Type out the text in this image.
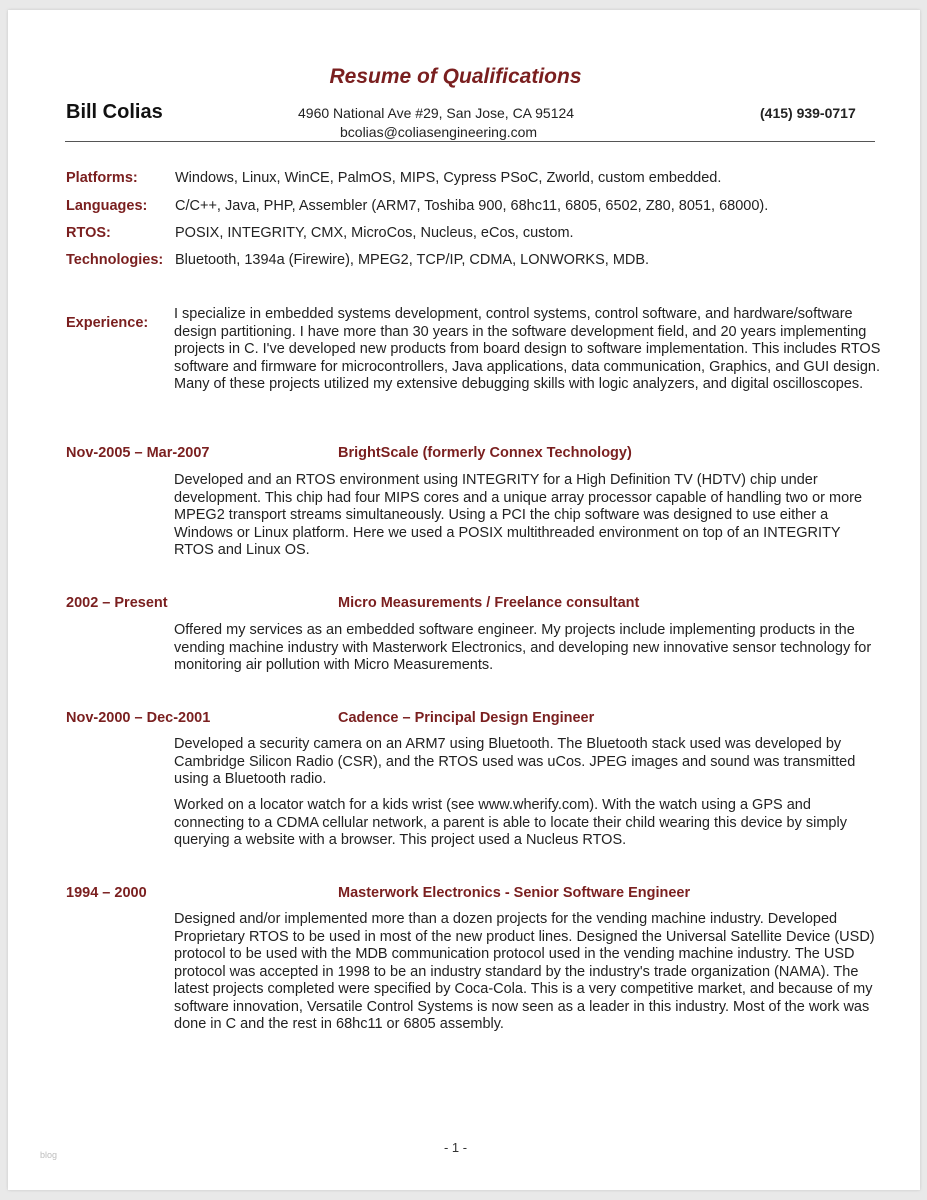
Resume of Qualifications
Bill Colias	4960 National Ave #29, San Jose, CA 95124
bcolias@coliasengineering.com
(415) 939-0717
Platforms:	Windows, Linux, WinCE, PalmOS, MIPS, Cypress PSoC, Zworld, custom embedded.
Languages: C/C++, Java, PHP, Assembler (ARM7, Toshiba 900, 68hc11, 6805, 6502, Z80, 8051, 68000).
RTOS:	POSIX, INTEGRITY, CMX, MicroCos, Nucleus, eCos, custom.
Technologies: Bluetooth, 1394a (Firewire), MPEG2, TCP/IP, CDMA, LONWORKS, MDB.
Experience:
I specialize in embedded systems development, control systems, control software, and hardware/software design partitioning. I have more than 30 years in the software development field, and 20 years implementing projects in C. I've developed new products from board design to software implementation. This includes RTOS software and firmware for microcontrollers, Java applications, data communication, Graphics, and GUI design. Many of these projects utilized my extensive debugging skills with logic analyzers, and digital oscilloscopes.
Nov-2005 – Mar-2007	BrightScale (formerly Connex Technology)
Developed and an RTOS environment using INTEGRITY for a High Definition TV (HDTV) chip under development. This chip had four MIPS cores and a unique array processor capable of handling two or more MPEG2 transport streams simultaneously. Using a PCI the chip software was designed to use either a Windows or Linux platform. Here we used a POSIX multithreaded environment on top of an INTEGRITY RTOS and Linux OS.
2002 – Present	Micro Measurements / Freelance consultant
Offered my services as an embedded software engineer. My projects include implementing products in the vending machine industry with Masterwork Electronics, and developing new innovative sensor technology for monitoring air pollution with Micro Measurements.
Nov-2000 – Dec-2001	Cadence – Principal Design Engineer
Developed a security camera on an ARM7 using Bluetooth. The Bluetooth stack used was developed by Cambridge Silicon Radio (CSR), and the RTOS used was uCos. JPEG images and sound was transmitted using a Bluetooth radio.
Worked on a locator watch for a kids wrist (see www.wherify.com). With the watch using a GPS and connecting to a CDMA cellular network, a parent is able to locate their child wearing this device by simply querying a website with a browser. This project used a Nucleus RTOS.
1994 – 2000	Masterwork Electronics - Senior Software Engineer
Designed and/or implemented more than a dozen projects for the vending machine industry. Developed Proprietary RTOS to be used in most of the new product lines. Designed the Universal Satellite Device (USD) protocol to be used with the MDB communication protocol used in the vending machine industry. The USD protocol was accepted in 1998 to be an industry standard by the industry's trade organization (NAMA). The latest projects completed were specified by Coca-Cola. This is a very competitive market, and because of my software innovation, Versatile Control Systems is now seen as a leader in this industry. Most of the work was done in C and the rest in 68hc11 or 6805 assembly.
- 1 -
blog
